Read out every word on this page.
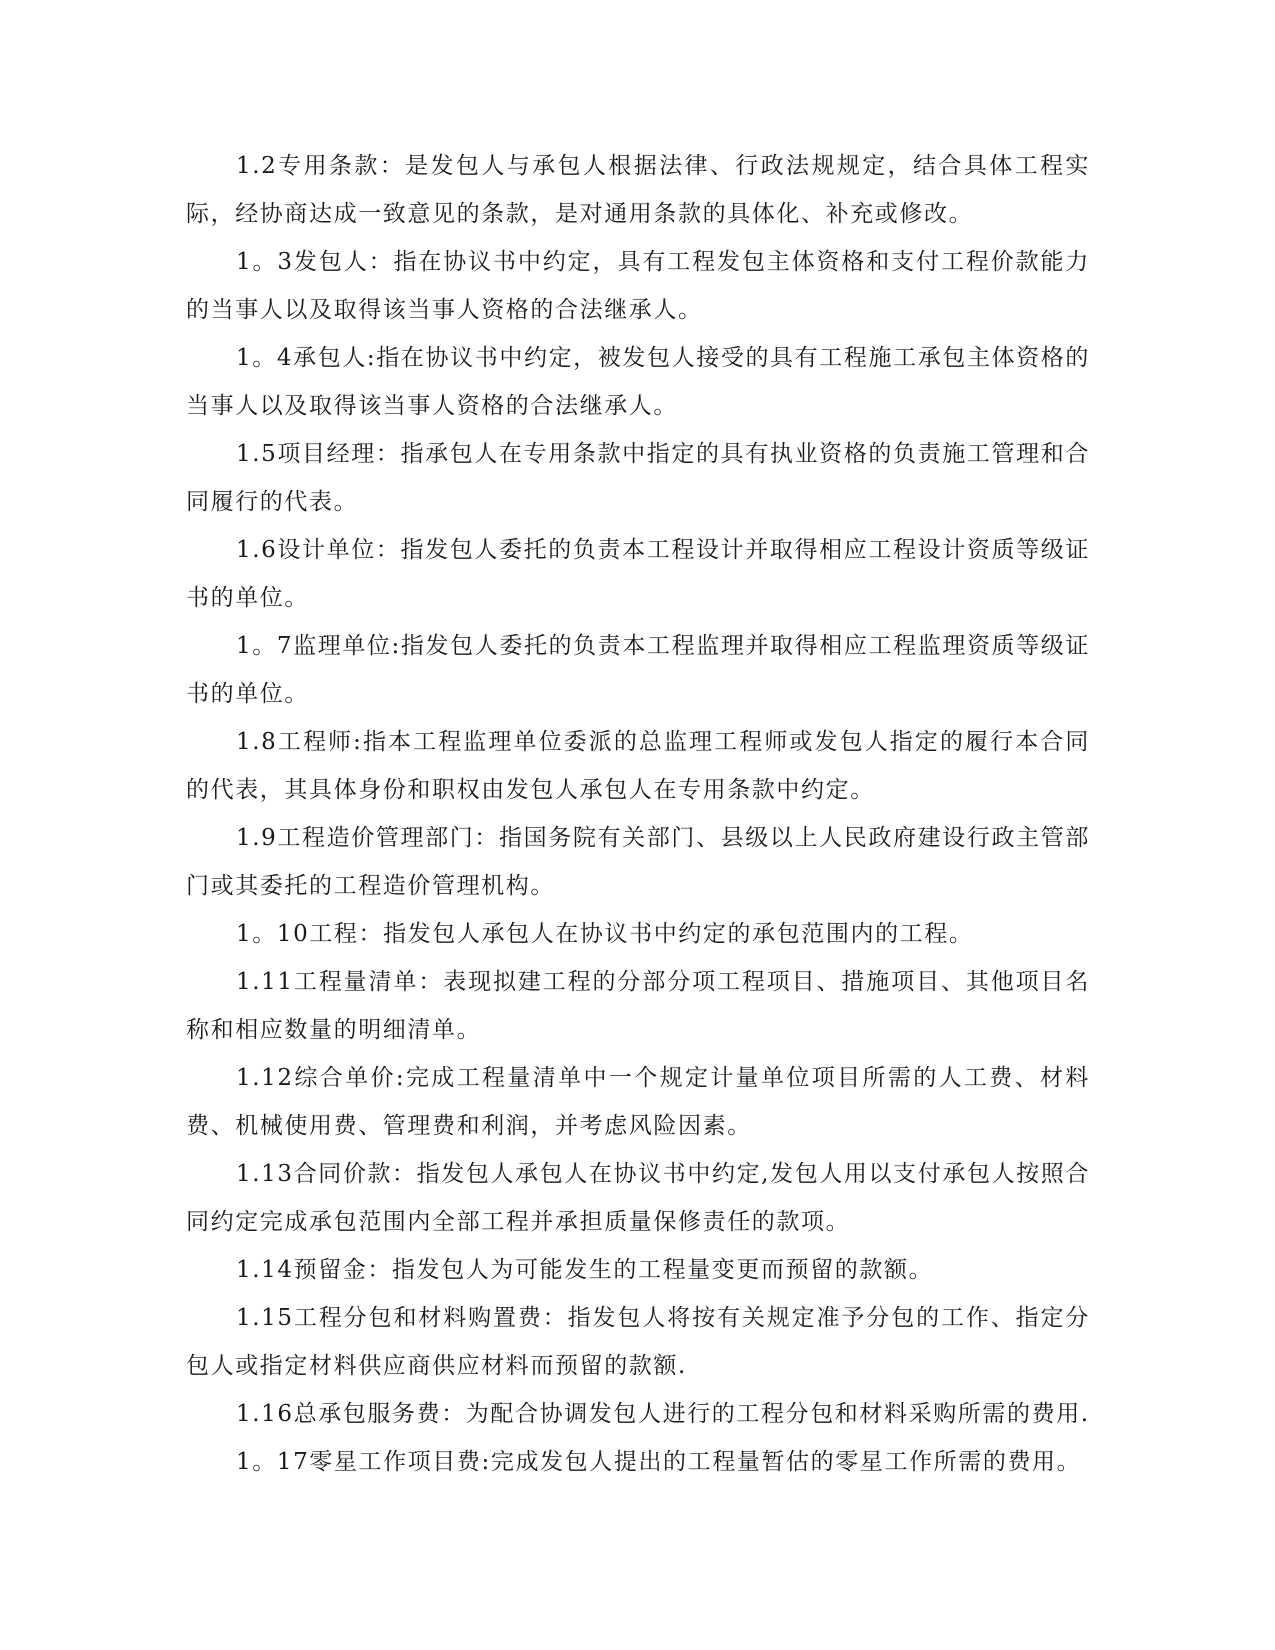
1.2专用条款：是发包人与承包人根据法律、行政法规规定，结合具体工程实际，经协商达成一致意见的条款，是对通用条款的具体化、补充或修改。

1。3发包人：指在协议书中约定，具有工程发包主体资格和支付工程价款能力的当事人以及取得该当事人资格的合法继承人。

1。4承包人:指在协议书中约定，被发包人接受的具有工程施工承包主体资格的当事人以及取得该当事人资格的合法继承人。

1.5项目经理：指承包人在专用条款中指定的具有执业资格的负责施工管理和合同履行的代表。

1.6设计单位：指发包人委托的负责本工程设计并取得相应工程设计资质等级证书的单位。

1。7监理单位:指发包人委托的负责本工程监理并取得相应工程监理资质等级证书的单位。

1.8工程师:指本工程监理单位委派的总监理工程师或发包人指定的履行本合同的代表，其具体身份和职权由发包人承包人在专用条款中约定。

1.9工程造价管理部门：指国务院有关部门、县级以上人民政府建设行政主管部门或其委托的工程造价管理机构。

1。10工程：指发包人承包人在协议书中约定的承包范围内的工程。

1.11工程量清单：表现拟建工程的分部分项工程项目、措施项目、其他项目名称和相应数量的明细清单。

1.12综合单价:完成工程量清单中一个规定计量单位项目所需的人工费、材料费、机械使用费、管理费和利润，并考虑风险因素。

1.13合同价款：指发包人承包人在协议书中约定,发包人用以支付承包人按照合同约定完成承包范围内全部工程并承担质量保修责任的款项。

1.14预留金：指发包人为可能发生的工程量变更而预留的款额。

1.15工程分包和材料购置费：指发包人将按有关规定准予分包的工作、指定分包人或指定材料供应商供应材料而预留的款额.

1.16总承包服务费：为配合协调发包人进行的工程分包和材料采购所需的费用.

1。17零星工作项目费:完成发包人提出的工程量暂估的零星工作所需的费用。
